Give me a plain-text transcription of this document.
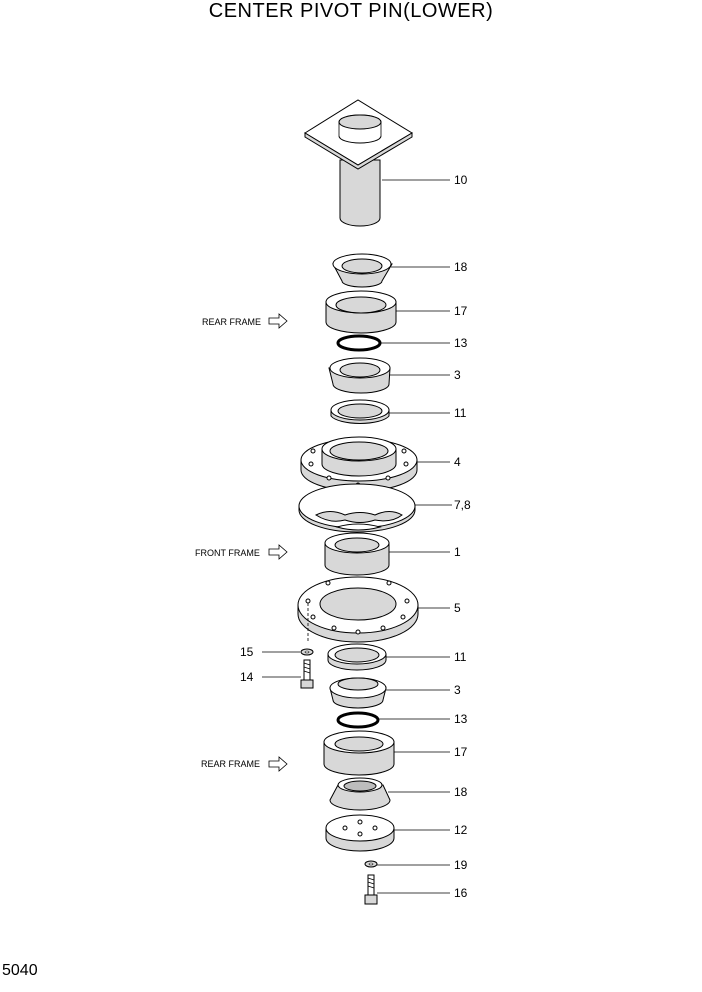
CENTER PIVOT PIN(LOWER)
REAR FRAME
FRONT FRAME
REAR FRAME
10
18
17
13
3
11
4
7,8
1
5
15
14
11
3
13
17
18
12
19
16
5040
